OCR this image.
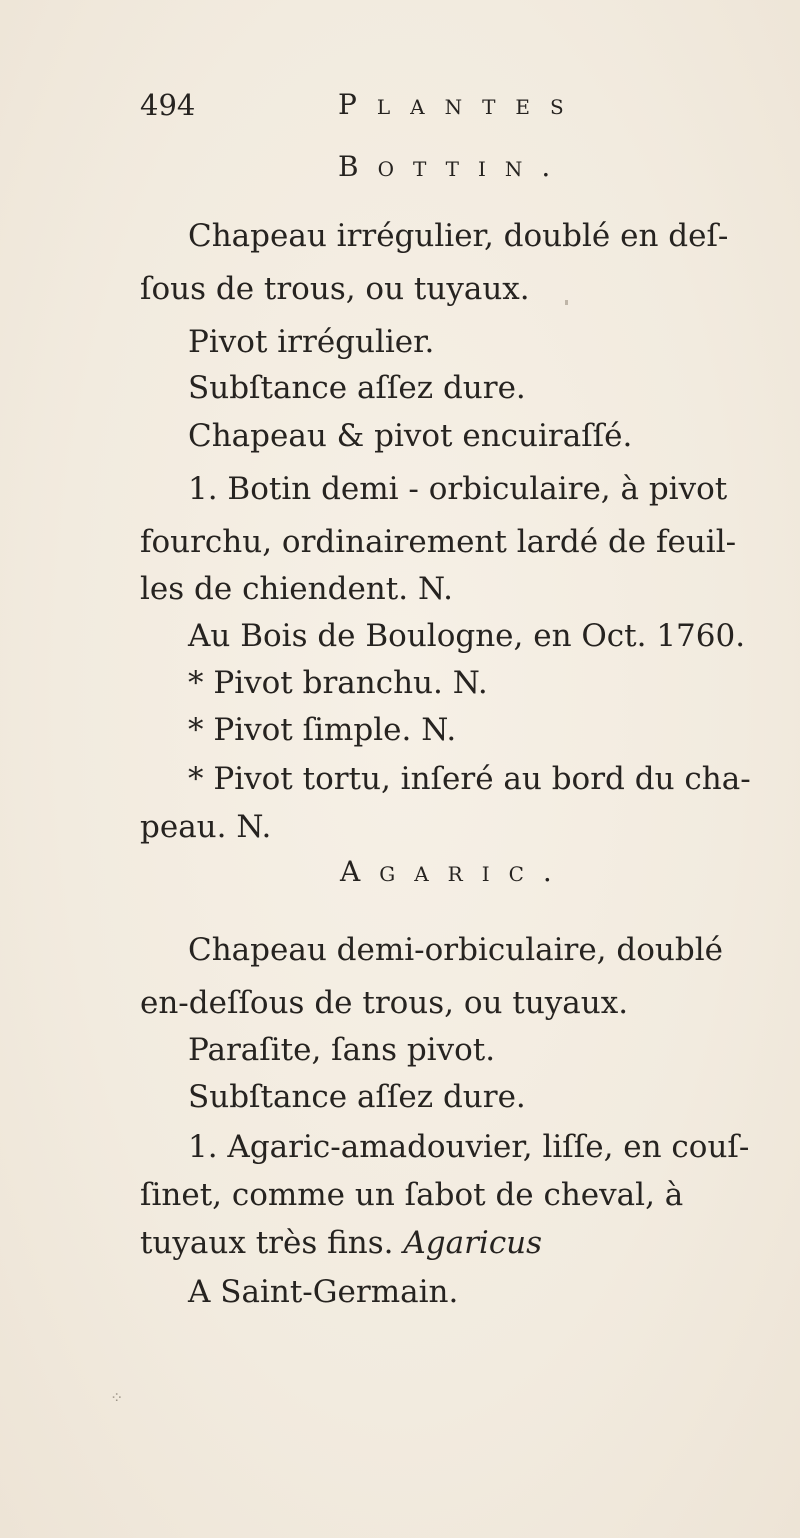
494	Plantes
Bottin.
Chapeau irrégulier, doublé en deſ-
ſous de trous, ou tuyaux.
Pivot irrégulier.
Subſtance aſſez dure.
Chapeau & pivot encuiraſſé.
1. Botin demi - orbiculaire, à pivot
fourchu, ordinairement lardé de feuil-
les de chiendent. N.
Au Bois de Boulogne, en Oct. 1760.
* Pivot branchu. N.
* Pivot ſimple. N.
* Pivot tortu, inſeré au bord du cha-
peau. N.
Agaric.
Chapeau demi-orbiculaire, doublé
en-deſſous de trous, ou tuyaux.
Paraſite, ſans pivot.
Subſtance aſſez dure.
1. Agaric-amadouvier, liſſe, en couſ-
ſinet, comme un ſabot de cheval, à
tuyaux très fins. Agaricus
A Saint-Germain.
⁘
